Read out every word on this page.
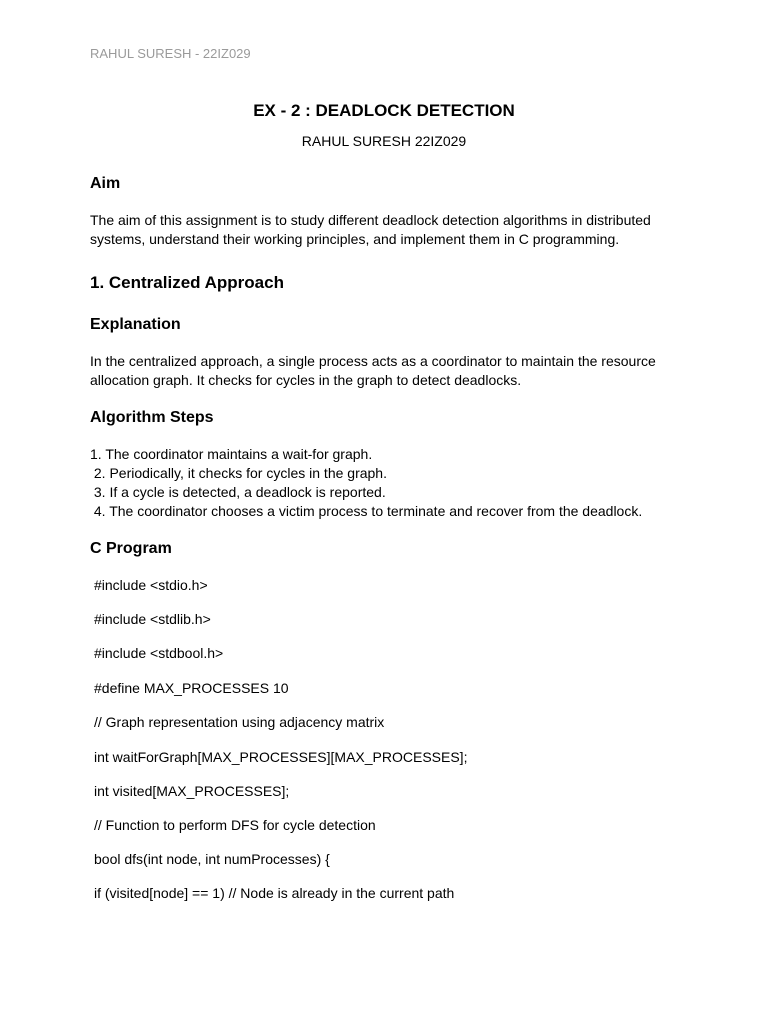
RAHUL SURESH - 22IZ029

EX - 2 : DEADLOCK DETECTION

RAHUL SURESH 22IZ029

Aim

The aim of this assignment is to study different deadlock detection algorithms in distributed systems, understand their working principles, and implement them in C programming.

1. Centralized Approach
Explanation

In the centralized approach, a single process acts as a coordinator to maintain the resource allocation graph. It checks for cycles in the graph to detect deadlocks.

Algorithm Steps
1. The coordinator maintains a wait-for graph.
2. Periodically, it checks for cycles in the graph.
3. If a cycle is detected, a deadlock is reported.
4. The coordinator chooses a victim process to terminate and recover from the deadlock.
C Program

#include <stdio.h>

#include <stdlib.h>

#include <stdbool.h>

#define MAX_PROCESSES 10

// Graph representation using adjacency matrix

int waitForGraph[MAX_PROCESSES][MAX_PROCESSES];

int visited[MAX_PROCESSES];

// Function to perform DFS for cycle detection

bool dfs(int node, int numProcesses) {

if (visited[node] == 1) // Node is already in the current path
